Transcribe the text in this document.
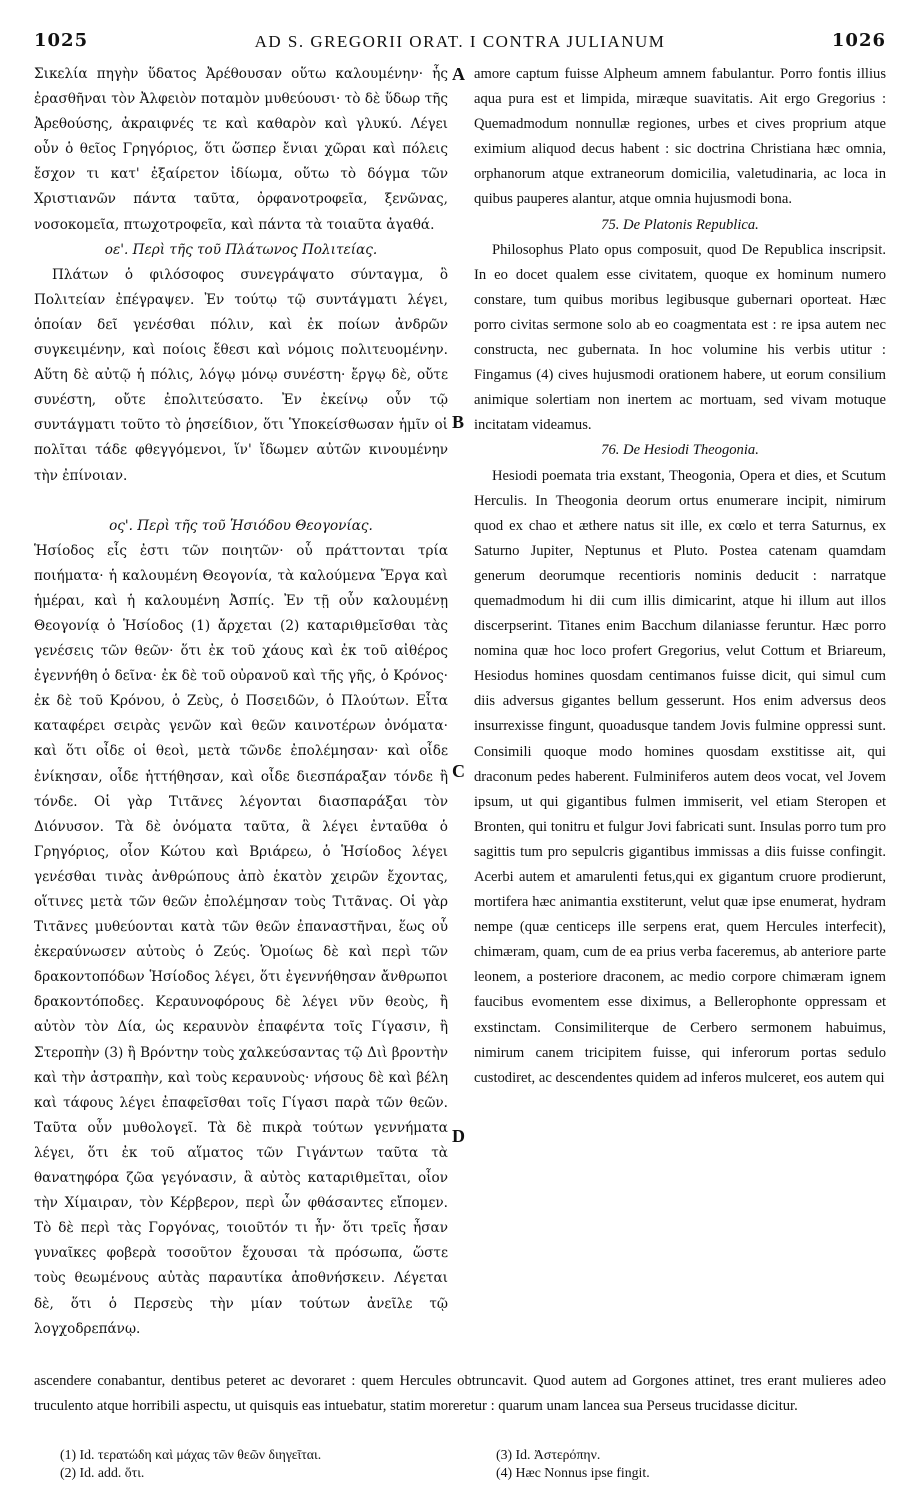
1025	AD S. GREGORII ORAT. I CONTRA JULIANUM	1026

Σικελία πηγὴν ὕδατος Ἀρέθουσαν οὕτω καλουμένην· ἧς ἐρασθῆναι τὸν Ἀλφειὸν ποταμὸν μυθεύουσι· τὸ δὲ ὕδωρ τῆς Ἀρεθούσης, ἀκραιφνές τε καὶ καθαρὸν καὶ γλυκύ. Λέγει οὖν ὁ θεῖος Γρηγόριος, ὅτι ὥσπερ ἔνιαι χῶραι καὶ πόλεις ἔσχον τι κατ' ἐξαίρετον ἰδίωμα, οὕτω τὸ δόγμα τῶν Χριστιανῶν πάντα ταῦτα, ὀρφανοτροφεῖα, ξενῶνας, νοσοκομεῖα, πτωχοτροφεῖα, καὶ πάντα τὰ τοιαῦτα ἀγαθά.

οε'. Περὶ τῆς τοῦ Πλάτωνος Πολιτείας.

Πλάτων ὁ φιλόσοφος συνεγράψατο σύνταγμα, ὃ Πολιτείαν ἐπέγραψεν. Ἐν τούτῳ τῷ συντάγματι λέγει, ὁποίαν δεῖ γενέσθαι πόλιν, καὶ ἐκ ποίων ἀνδρῶν συγκειμένην, καὶ ποίοις ἔθεσι καὶ νόμοις πολιτευομένην. Αὕτη δὲ αὐτῷ ἡ πόλις, λόγῳ μόνῳ συνέστη· ἔργῳ δὲ, οὔτε συνέστη, οὔτε ἐπολιτεύσατο. Ἐν ἐκείνῳ οὖν τῷ συντάγματι τοῦτο τὸ ῥησείδιον, ὅτι Ὑποκείσθωσαν ἡμῖν οἱ πολῖται τάδε φθεγγόμενοι, ἵν' ἴδωμεν αὐτῶν κινουμένην τὴν ἐπίνοιαν.

ος'. Περὶ τῆς τοῦ Ἡσιόδου Θεογονίας.

Ἡσίοδος εἷς ἐστι τῶν ποιητῶν· οὗ πράττονται τρία ποιήματα· ἡ καλουμένη Θεογονία, τὰ καλούμενα Ἔργα καὶ ἡμέραι, καὶ ἡ καλουμένη Ἀσπίς. Ἐν τῇ οὖν καλουμένῃ Θεογονίᾳ ὁ Ἡσίοδος (1) ἄρχεται (2) καταριθμεῖσθαι τὰς γενέσεις τῶν θεῶν· ὅτι ἐκ τοῦ χάους καὶ ἐκ τοῦ αἰθέρος ἐγεννήθη ὁ δεῖνα· ἐκ δὲ τοῦ οὐρανοῦ καὶ τῆς γῆς, ὁ Κρόνος· ἐκ δὲ τοῦ Κρόνου, ὁ Ζεὺς, ὁ Ποσειδῶν, ὁ Πλούτων. Εἶτα καταφέρει σειρὰς γενῶν καὶ θεῶν καινοτέρων ὀνόματα· καὶ ὅτι οἶδε οἱ θεοὶ, μετὰ τῶνδε ἐπολέμησαν· καὶ οἶδε ἐνίκησαν, οἶδε ἡττήθησαν, καὶ οἶδε διεσπάραξαν τόνδε ἢ τόνδε. Οἱ γὰρ Τιτᾶνες λέγονται διασπαράξαι τὸν Διόνυσον. Τὰ δὲ ὀνόματα ταῦτα, ἃ λέγει ἐνταῦθα ὁ Γρηγόριος, οἷον Κώτου καὶ Βριάρεω, ὁ Ἡσίοδος λέγει γενέσθαι τινὰς ἀνθρώπους ἀπὸ ἑκατὸν χειρῶν ἔχοντας, οἵτινες μετὰ τῶν θεῶν ἐπολέμησαν τοὺς Τιτᾶνας. Οἱ γὰρ Τιτᾶνες μυθεύονται κατὰ τῶν θεῶν ἐπαναστῆναι, ἕως οὗ ἐκεραύνωσεν αὐτοὺς ὁ Ζεύς. Ὁμοίως δὲ καὶ περὶ τῶν δρακοντοπόδων Ἡσίοδος λέγει, ὅτι ἐγεννήθησαν ἄνθρωποι δρακοντόποδες. Κεραυνοφόρους δὲ λέγει νῦν θεοὺς, ἢ αὐτὸν τὸν Δία, ὡς κεραυνὸν ἐπαφέντα τοῖς Γίγασιν, ἢ Στεροπὴν (3) ἢ Βρόντην τοὺς χαλκεύσαντας τῷ Διὶ βροντὴν καὶ τὴν ἀστραπὴν, καὶ τοὺς κεραυνοὺς· νήσους δὲ καὶ βέλη καὶ τάφους λέγει ἐπαφεῖσθαι τοῖς Γίγασι παρὰ τῶν θεῶν. Ταῦτα οὖν μυθολογεῖ. Τὰ δὲ πικρὰ τούτων γεννήματα λέγει, ὅτι ἐκ τοῦ αἵματος τῶν Γιγάντων ταῦτα τὰ θανατηφόρα ζῶα γεγόνασιν, ἃ αὐτὸς καταριθμεῖται, οἷον τὴν Χίμαιραν, τὸν Κέρβερον, περὶ ὧν φθάσαντες εἴπομεν. Τὸ δὲ περὶ τὰς Γοργόνας, τοιοῦτόν τι ἦν· ὅτι τρεῖς ἦσαν γυναῖκες φοβερὰ τοσοῦτον ἔχουσαι τὰ πρόσωπα, ὥστε τοὺς θεωμένους αὐτὰς παραυτίκα ἀποθνήσκειν. Λέγεται δὲ, ὅτι ὁ Περσεὺς τὴν μίαν τούτων ἀνεῖλε τῷ λογχοδρεπάνῳ.

A
B
C
D

amore captum fuisse Alpheum amnem fabulantur. Porro fontis illius aqua pura est et limpida, miræque suavitatis. Ait ergo Gregorius : Quemadmodum nonnullæ regiones, urbes et cives proprium atque eximium aliquod decus habent : sic doctrina Christiana hæc omnia, orphanorum atque extraneorum domicilia, valetudinaria, ac loca in quibus pauperes alantur, atque omnia hujusmodi bona.

75. De Platonis Republica.

Philosophus Plato opus composuit, quod De Republica inscripsit. In eo docet qualem esse civitatem, quoque ex hominum numero constare, tum quibus moribus legibusque gubernari oporteat. Hæc porro civitas sermone solo ab eo coagmentata est : re ipsa autem nec constructa, nec gubernata. In hoc volumine his verbis utitur : Fingamus (4) cives hujusmodi orationem habere, ut eorum consilium animique solertiam non inertem ac mortuam, sed vivam motuque incitatam videamus.

76. De Hesiodi Theogonia.

Hesiodi poemata tria exstant, Theogonia, Opera et dies, et Scutum Herculis. In Theogonia deorum ortus enumerare incipit, nimirum quod ex chao et æthere natus sit ille, ex cœlo et terra Saturnus, ex Saturno Jupiter, Neptunus et Pluto. Postea catenam quamdam generum deorumque recentioris nominis deducit : narratque quemadmodum hi dii cum illis dimicarint, atque hi illum aut illos discerpserint. Titanes enim Bacchum dilaniasse feruntur. Hæc porro nomina quæ hoc loco profert Gregorius, velut Cottum et Briareum, Hesiodus homines quosdam centimanos fuisse dicit, qui simul cum diis adversus gigantes bellum gesserunt. Hos enim adversus deos insurrexisse fingunt, quoadusque tandem Jovis fulmine oppressi sunt. Consimili quoque modo homines quosdam exstitisse ait, qui draconum pedes haberent. Fulminiferos autem deos vocat, vel Jovem ipsum, ut qui gigantibus fulmen immiserit, vel etiam Steropen et Bronten, qui tonitru et fulgur Jovi fabricati sunt. Insulas porro tum pro sagittis tum pro sepulcris gigantibus immissas a diis fuisse confingit. Acerbi autem et amarulenti fetus,qui ex gigantum cruore prodierunt, mortifera hæc animantia exstiterunt, velut quæ ipse enumerat, hydram nempe (quæ centiceps ille serpens erat, quem Hercules interfecit), chimæram, quam, cum de ea prius verba faceremus, ab anteriore parte leonem, a posteriore draconem, ac medio corpore chimæram ignem faucibus evomentem esse diximus, a Bellerophonte oppressam et exstinctam. Consimiliterque de Cerbero sermonem habuimus, nimirum canem tricipitem fuisse, qui inferorum portas sedulo custodiret, ac descendentes quidem ad inferos mulceret, eos autem qui

ascendere conabantur, dentibus peteret ac devoraret : quem Hercules obtruncavit. Quod autem ad Gorgones attinet, tres erant mulieres adeo truculento atque horribili aspectu, ut quisquis eas intuebatur, statim moreretur : quarum unam lancea sua Perseus trucidasse dicitur.

(1) Id. τερατώδη καὶ μάχας τῶν θεῶν διηγεῖται.

(2) Id. add. ὅτι.

(3) Id. Ἀστερόπην.

(4) Hæc Nonnus ipse fingit.
